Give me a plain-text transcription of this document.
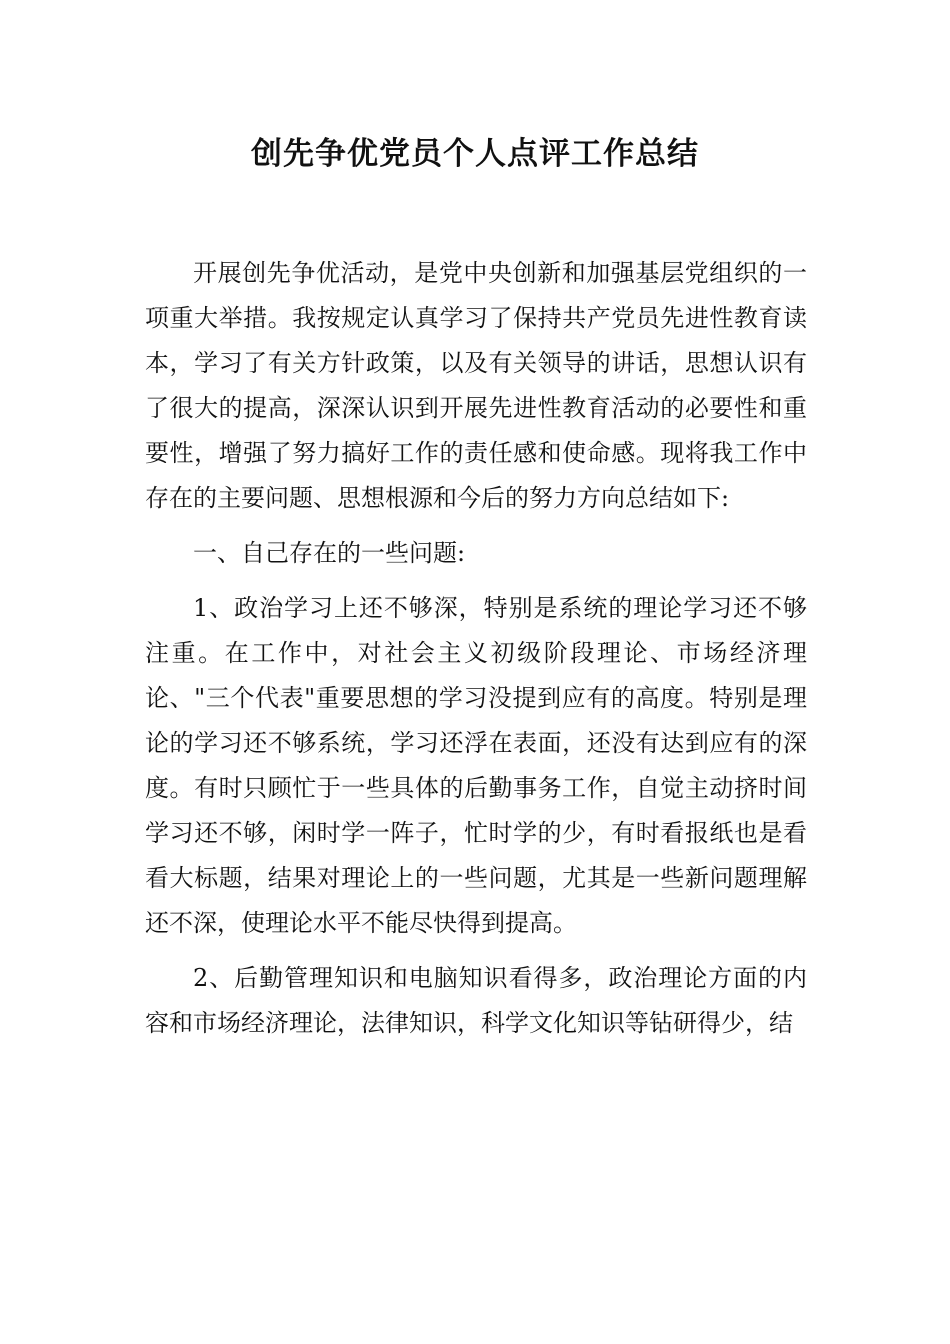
创先争优党员个人点评工作总结

开展创先争优活动，是党中央创新和加强基层党组织的一项重大举措。我按规定认真学习了保持共产党员先进性教育读本，学习了有关方针政策，以及有关领导的讲话，思想认识有了很大的提高，深深认识到开展先进性教育活动的必要性和重要性，增强了努力搞好工作的责任感和使命感。现将我工作中存在的主要问题、思想根源和今后的努力方向总结如下:

一、自己存在的一些问题:

1、政治学习上还不够深，特别是系统的理论学习还不够注重。在工作中，对社会主义初级阶段理论、市场经济理论、"三个代表"重要思想的学习没提到应有的高度。特别是理论的学习还不够系统，学习还浮在表面，还没有达到应有的深度。有时只顾忙于一些具体的后勤事务工作，自觉主动挤时间学习还不够，闲时学一阵子，忙时学的少，有时看报纸也是看看大标题，结果对理论上的一些问题，尤其是一些新问题理解还不深，使理论水平不能尽快得到提高。

2、后勤管理知识和电脑知识看得多，政治理论方面的内容和市场经济理论，法律知识，科学文化知识等钻研得少，结
